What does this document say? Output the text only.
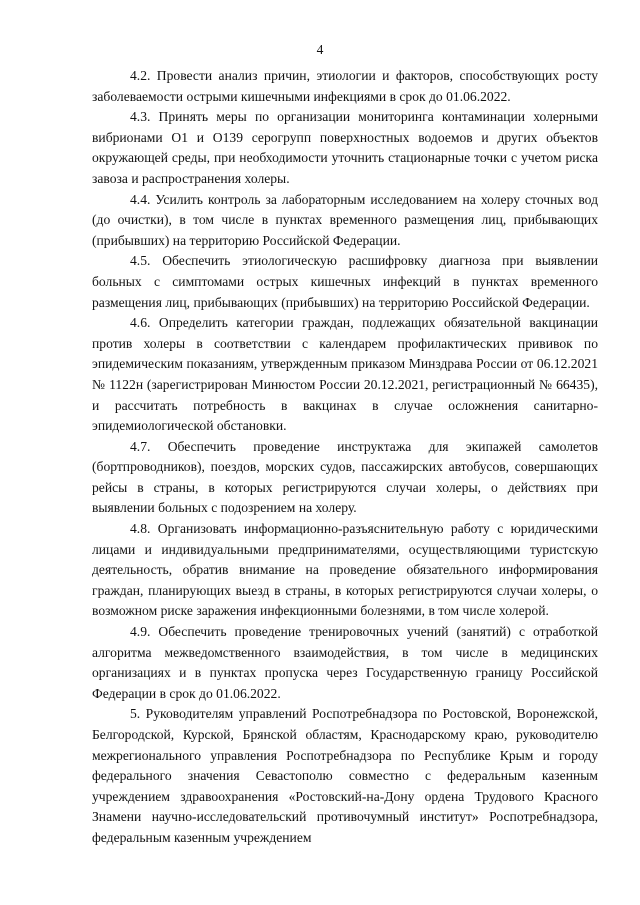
4

4.2. Провести анализ причин, этиологии и факторов, способствующих росту заболеваемости острыми кишечными инфекциями в срок до 01.06.2022.

4.3. Принять меры по организации мониторинга контаминации холерными вибрионами О1 и О139 серогрупп поверхностных водоемов и других объектов окружающей среды, при необходимости уточнить стационарные точки с учетом риска завоза и распространения холеры.

4.4. Усилить контроль за лабораторным исследованием на холеру сточных вод (до очистки), в том числе в пунктах временного размещения лиц, прибывающих (прибывших) на территорию Российской Федерации.

4.5. Обеспечить этиологическую расшифровку диагноза при выявлении больных с симптомами острых кишечных инфекций в пунктах временного размещения лиц, прибывающих (прибывших) на территорию Российской Федерации.

4.6. Определить категории граждан, подлежащих обязательной вакцинации против холеры в соответствии с календарем профилактических прививок по эпидемическим показаниям, утвержденным приказом Минздрава России от 06.12.2021 № 1122н (зарегистрирован Минюстом России 20.12.2021, регистрационный № 66435), и рассчитать потребность в вакцинах в случае осложнения санитарно-эпидемиологической обстановки.

4.7. Обеспечить проведение инструктажа для экипажей самолетов (бортпроводников), поездов, морских судов, пассажирских автобусов, совершающих рейсы в страны, в которых регистрируются случаи холеры, о действиях при выявлении больных с подозрением на холеру.

4.8. Организовать информационно-разъяснительную работу с юридическими лицами и индивидуальными предпринимателями, осуществляющими туристскую деятельность, обратив внимание на проведение обязательного информирования граждан, планирующих выезд в страны, в которых регистрируются случаи холеры, о возможном риске заражения инфекционными болезнями, в том числе холерой.

4.9. Обеспечить проведение тренировочных учений (занятий) с отработкой алгоритма межведомственного взаимодействия, в том числе в медицинских организациях и в пунктах пропуска через Государственную границу Российской Федерации в срок до 01.06.2022.

5. Руководителям управлений Роспотребнадзора по Ростовской, Воронежской, Белгородской, Курской, Брянской областям, Краснодарскому краю, руководителю межрегионального управления Роспотребнадзора по Республике Крым и городу федерального значения Севастополю совместно с федеральным казенным учреждением здравоохранения «Ростовский-на-Дону ордена Трудового Красного Знамени научно-исследовательский противочумный институт» Роспотребнадзора, федеральным казенным учреждением
